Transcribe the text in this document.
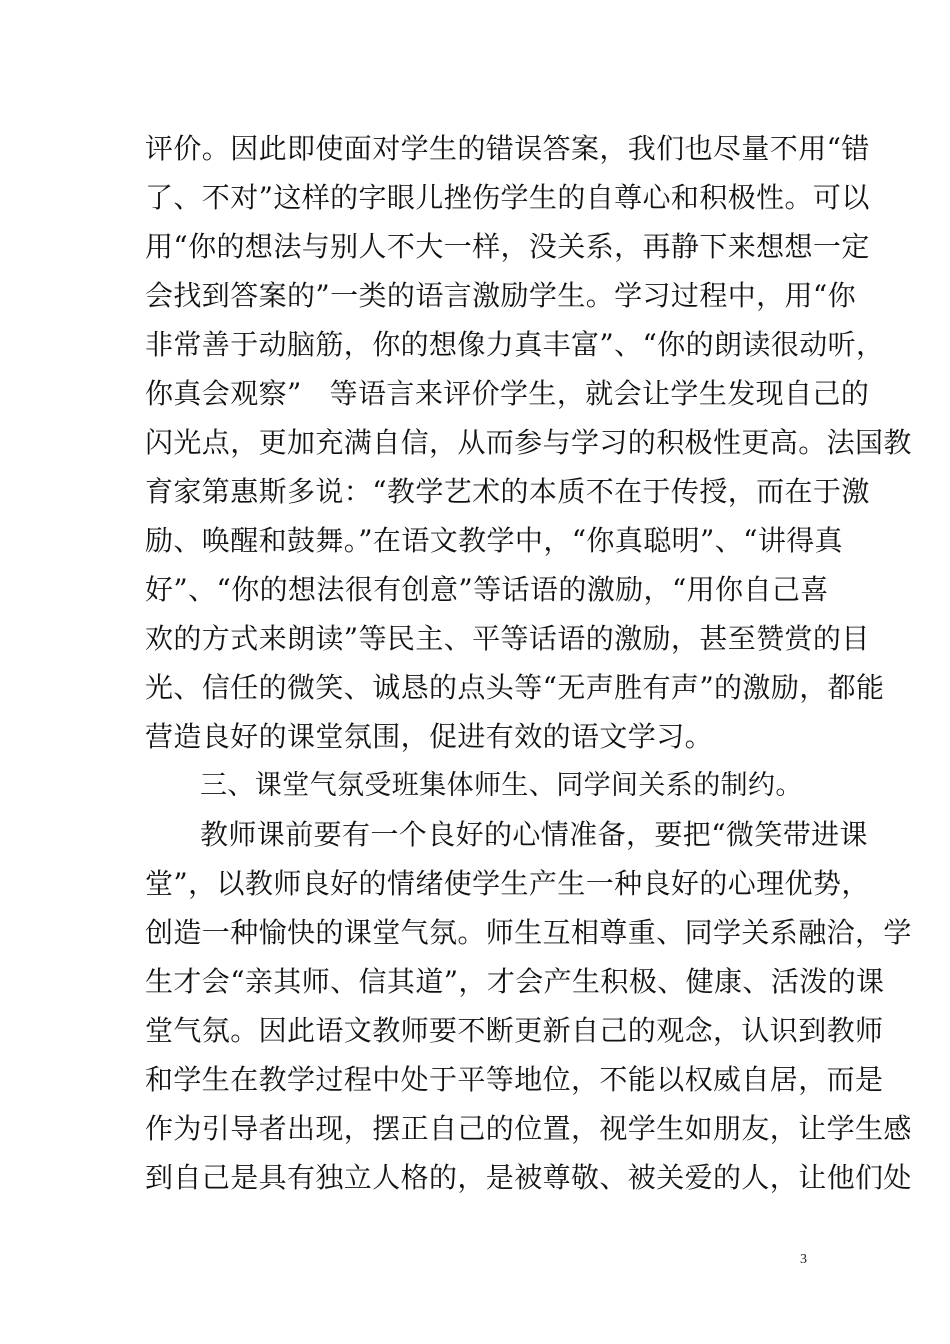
评价。因此即使面对学生的错误答案，我们也尽量不用“错
了、不对”这样的字眼儿挫伤学生的自尊心和积极性。可以
用“你的想法与别人不大一样，没关系，再静下来想想一定
会找到答案的”一类的语言激励学生。学习过程中，用“你
非常善于动脑筋，你的想像力真丰富”、“你的朗读很动听，
你真会观察”   等语言来评价学生，就会让学生发现自己的
闪光点，更加充满自信，从而参与学习的积极性更高。法国教
育家第惠斯多说：“教学艺术的本质不在于传授，而在于激
励、唤醒和鼓舞。”在语文教学中，“你真聪明”、“讲得真
好”、“你的想法很有创意”等话语的激励，“用你自己喜
欢的方式来朗读”等民主、平等话语的激励，甚至赞赏的目
光、信任的微笑、诚恳的点头等“无声胜有声”的激励，都能
营造良好的课堂氛围，促进有效的语文学习。
三、课堂气氛受班集体师生、同学间关系的制约。
教师课前要有一个良好的心情准备，要把“微笑带进课
堂”，以教师良好的情绪使学生产生一种良好的心理优势，
创造一种愉快的课堂气氛。师生互相尊重、同学关系融洽，学
生才会“亲其师、信其道”，才会产生积极、健康、活泼的课
堂气氛。因此语文教师要不断更新自己的观念，认识到教师
和学生在教学过程中处于平等地位，不能以权威自居，而是
作为引导者出现，摆正自己的位置，视学生如朋友，让学生感
到自己是具有独立人格的，是被尊敬、被关爱的人，让他们处
3
